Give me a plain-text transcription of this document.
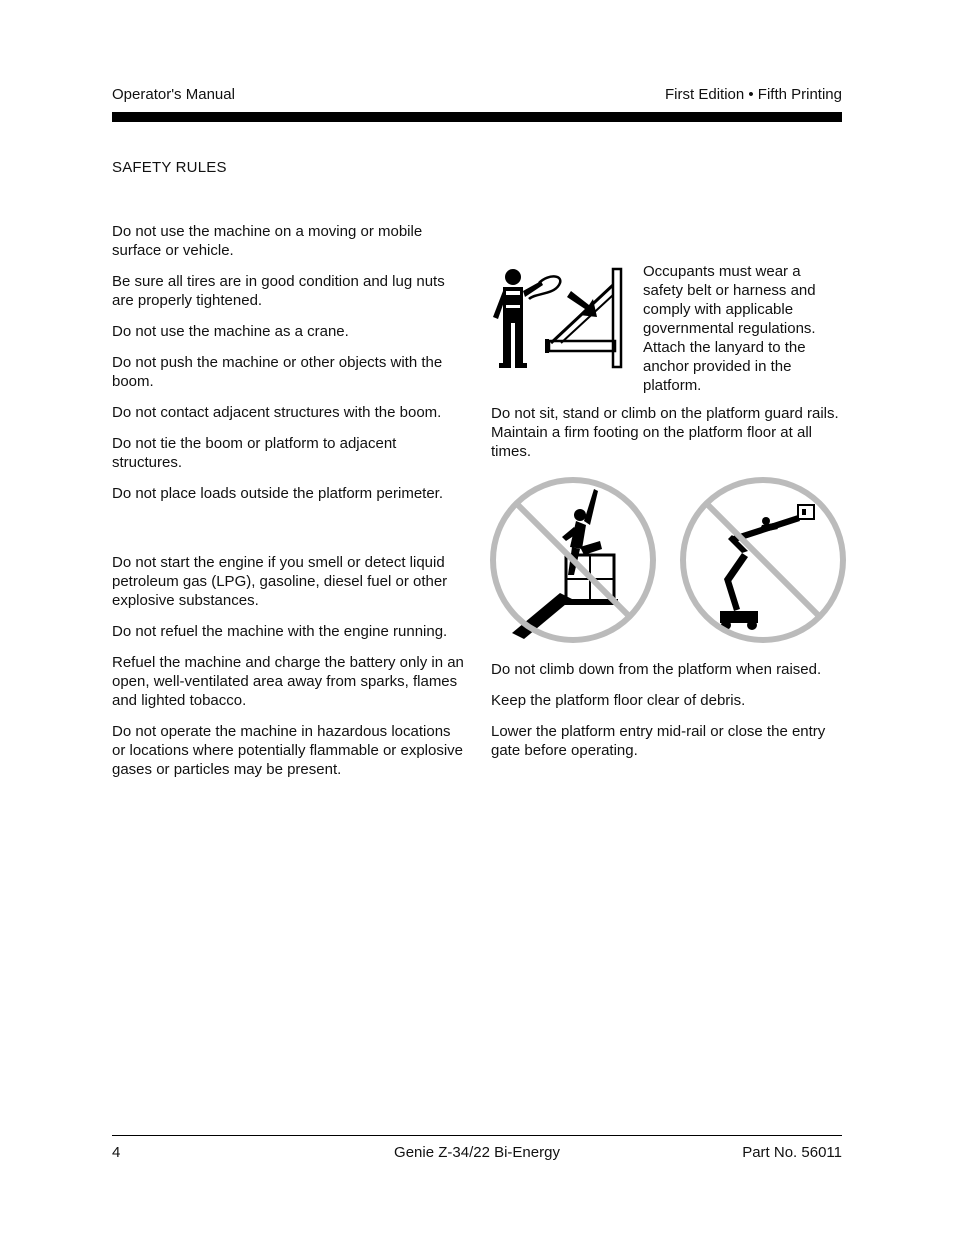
Operator's Manual	First Edition • Fifth Printing
SAFETY RULES

Do not use the machine on a moving or mobile surface or vehicle.

Be sure all tires are in good condition and lug nuts are properly tightened.

Do not use the machine as a crane.

Do not push the machine or other objects with the boom.

Do not contact adjacent structures with the boom.

Do not tie the boom or platform to adjacent structures.

Do not place loads outside the platform perimeter.

Do not start the engine if you smell or detect liquid petroleum gas (LPG), gasoline, diesel fuel or other explosive substances.

Do not refuel the machine with the engine running.

Refuel the machine and charge the battery only in an open, well-ventilated area away from sparks, flames and lighted tobacco.

Do not operate the machine in hazardous locations or locations where potentially flammable or explosive gases or particles may be present.

Occupants must wear a safety belt or harness and comply with applicable governmental regulations. Attach the lanyard to the anchor provided in the platform.

Do not sit, stand or climb on the platform guard rails. Maintain a firm footing on the platform floor at all times.

Do not climb down from the platform when raised.

Keep the platform floor clear of debris.

Lower the platform entry mid-rail or close the entry gate before operating.

4	Genie Z-34/22 Bi-Energy	Part No. 56011
